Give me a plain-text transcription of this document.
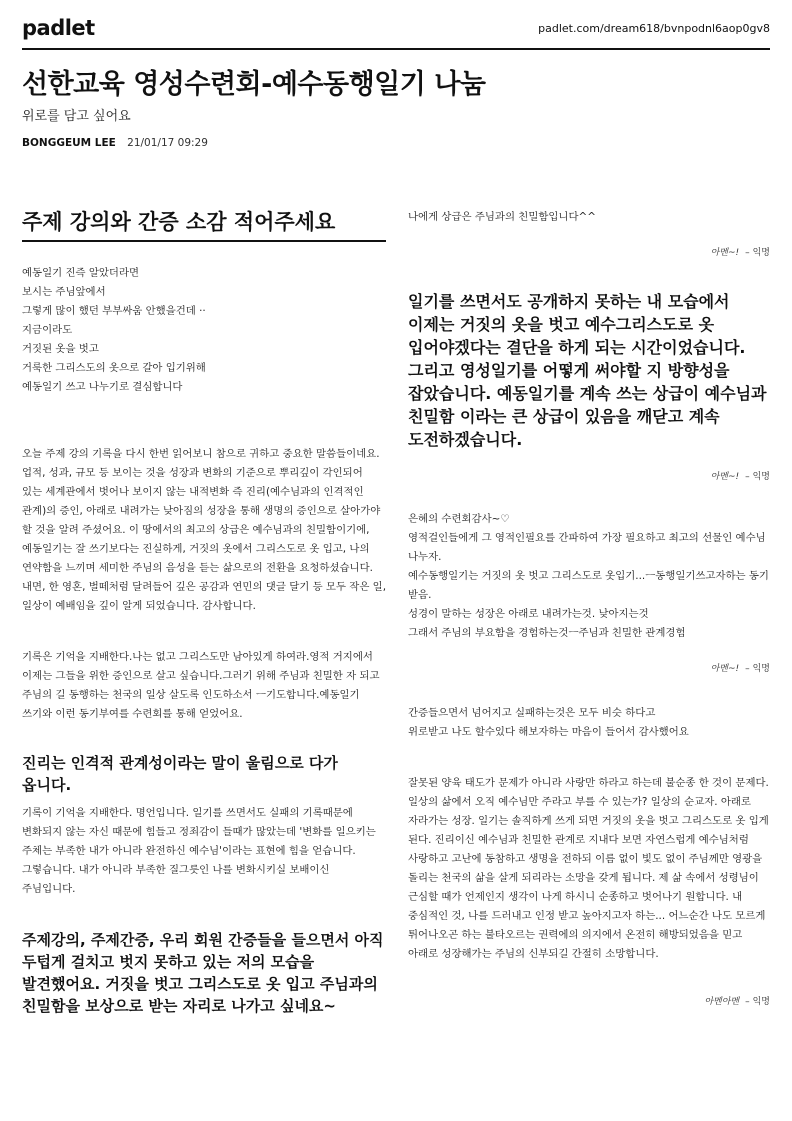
padlet	padlet.com/dream618/bvnpodnl6aop0gv8
선한교육 영성수련회-예수동행일기 나눔
위로를 담고 싶어요
BONGGEUM LEE 21/01/17 09:29
주제 강의와 간증 소감 적어주세요
예동일기 진즉 알았더라면
보시는 주님앞에서
그렇게 많이 했던 부부싸움 안했을건데 ··
지금이라도
거짓된 옷을 벗고
거룩한 그리스도의 옷으로 갈아 입기위해
예동일기 쓰고 나누기로 결심합니다
오늘 주제 강의 기록을 다시 한번 읽어보니 참으로 귀하고 중요한 말씀들이네요. 업적, 성과, 규모 등 보이는 것을 성장과 변화의 기준으로 뿌리깊이 각인되어 있는 세계관에서 벗어나 보이지 않는 내적변화 즉 진리(예수님과의 인격적인 관계)의 증인, 아래로 내려가는 낮아짐의 성장을 통해 생명의 증인으로 살아가야 할 것을 알려 주셨어요. 이 땅에서의 최고의 상급은 예수님과의 친밀함이기에, 예동일기는 잘 쓰기보다는 진실하게, 거짓의 옷에서 그리스도로 옷 입고, 나의 연약함을 느끼며 세미한 주님의 음성을 듣는 삶으로의 전환을 요청하셨습니다. 내면, 한 영혼, 벌떼처럼 달려들어 깊은 공감과 연민의 댓글 달기 등 모두 작은 일, 일상이 예배임을 깊이 알게 되었습니다. 감사합니다.
기록은 기억을 지배한다.나는 없고 그리스도만 남아있게 하여라.영적 거지에서 이제는 그들을 위한 증인으로 살고 싶습니다.그러기 위해 주님과 친밀한 자 되고 주님의 길 동행하는 천국의 일상 살도록 인도하소서 ㅡ기도합니다.예동일기 쓰기와 이런 동기부여를 수련회를 통해 얻었어요.
진리는 인격적 관계성이라는 말이 울림으로 다가 옵니다.
기록이 기억을 지배한다. 명언입니다. 일기를 쓰면서도 실패의 기록때문에 변화되지 않는 자신 때문에 힘들고 정죄감이 들때가 많았는데 '변화를 일으키는 주체는 부족한 내가 아니라 완전하신 예수님'이라는 표현에 힘을 얻습니다. 그렇습니다. 내가 아니라 부족한 질그릇인 나를 변화시키실 보배이신 주님입니다.
주제강의, 주제간증, 우리 회원 간증들을 들으면서 아직 두텁게 걸치고 벗지 못하고 있는 저의 모습을 발견했어요. 거짓을 벗고 그리스도로 옷 입고 주님과의 친밀함을 보상으로 받는 자리로 나가고 싶네요~
나에게 상급은 주님과의 친밀함입니다^^
아멘~! – 익명
일기를 쓰면서도 공개하지 못하는 내 모습에서 이제는 거짓의 옷을 벗고 예수그리스도로 옷 입어야겠다는 결단을 하게 되는 시간이었습니다. 그리고 영성일기를 어떻게 써야할 지 방향성을 잡았습니다. 예동일기를 계속 쓰는 상급이 예수님과 친밀함 이라는 큰 상급이 있음을 깨닫고 계속 도전하겠습니다.
아멘~! – 익명
은혜의 수련회감사~♡
영적걸인들에게 그 영적인필요를 간파하여 가장 필요하고 최고의 선물인 예수님 나누자.
예수동행일기는 거짓의 옷 벗고 그리스도로 옷입기...ㅡ동행일기쓰고자하는 동기 받음.
성경이 말하는 성장은 아래로 내려가는것. 낮아지는것
그래서 주님의 부요함을 경험하는것ㅡ주님과 친밀한 관계경험
아멘~! – 익명
간증들으면서 넘어지고 실패하는것은 모두 비슷 하다고
위로받고 나도 할수있다 해보자하는 마음이 들어서 감사했어요
잘못된 양육 태도가 문제가 아니라 사랑만 하라고 하는데 불순종 한 것이 문제다. 일상의 삶에서 오직 예수님만 주라고 부를 수 있는가? 일상의 순교자. 아래로 자라가는 성장. 일기는 솔직하게 쓰게 되면 거짓의 옷을 벗고 그리스도로 옷 입게 된다. 진리이신 예수님과 친밀한 관계로 지내다 보면 자연스럽게 예수님처럼 사랑하고 고난에 동참하고 생명을 전하되 이름 없이 빛도 없이 주님께만 영광을 돌리는 천국의 삶을 살게 되리라는 소망을 갖게 됩니다. 제 삶 속에서 성령님이 근심할 때가 언제인지 생각이 나게 하시니 순종하고 벗어나기 원합니다. 내 중심적인 것, 나를 드러내고 인정 받고 높아지고자 하는... 어느순간 나도 모르게 튀어나오곤 하는 불타오르는 권력에의 의지에서 온전히 해방되었음을 믿고 아래로 성장해가는 주님의 신부되길 간절히 소망합니다.
아멘아멘 – 익명
